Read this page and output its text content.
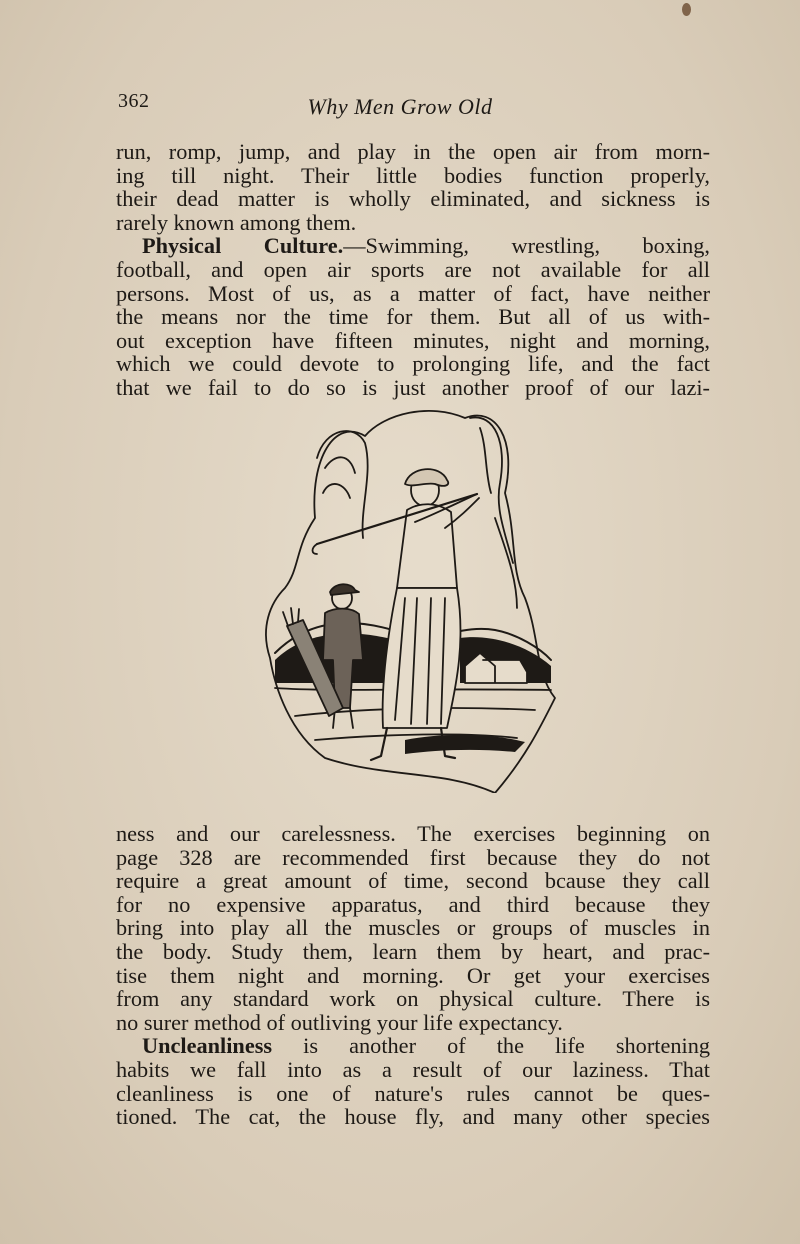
362	Why Men Grow Old
run, romp, jump, and play in the open air from morn-
ing till night. Their little bodies function properly,
their dead matter is wholly eliminated, and sickness is
rarely known among them.
Physical Culture.—Swimming, wrestling, boxing,
football, and open air sports are not available for all
persons. Most of us, as a matter of fact, have neither
the means nor the time for them. But all of us with-
out exception have fifteen minutes, night and morning,
which we could devote to prolonging life, and the fact
that we fail to do so is just another proof of our lazi-
ness and our carelessness. The exercises beginning on
page 328 are recommended first because they do not
require a great amount of time, second bcause they call
for no expensive apparatus, and third because they
bring into play all the muscles or groups of muscles in
the body. Study them, learn them by heart, and prac-
tise them night and morning. Or get your exercises
from any standard work on physical culture. There is
no surer method of outliving your life expectancy.
Uncleanliness is another of the life shortening
habits we fall into as a result of our laziness. That
cleanliness is one of nature's rules cannot be ques-
tioned. The cat, the house fly, and many other species
